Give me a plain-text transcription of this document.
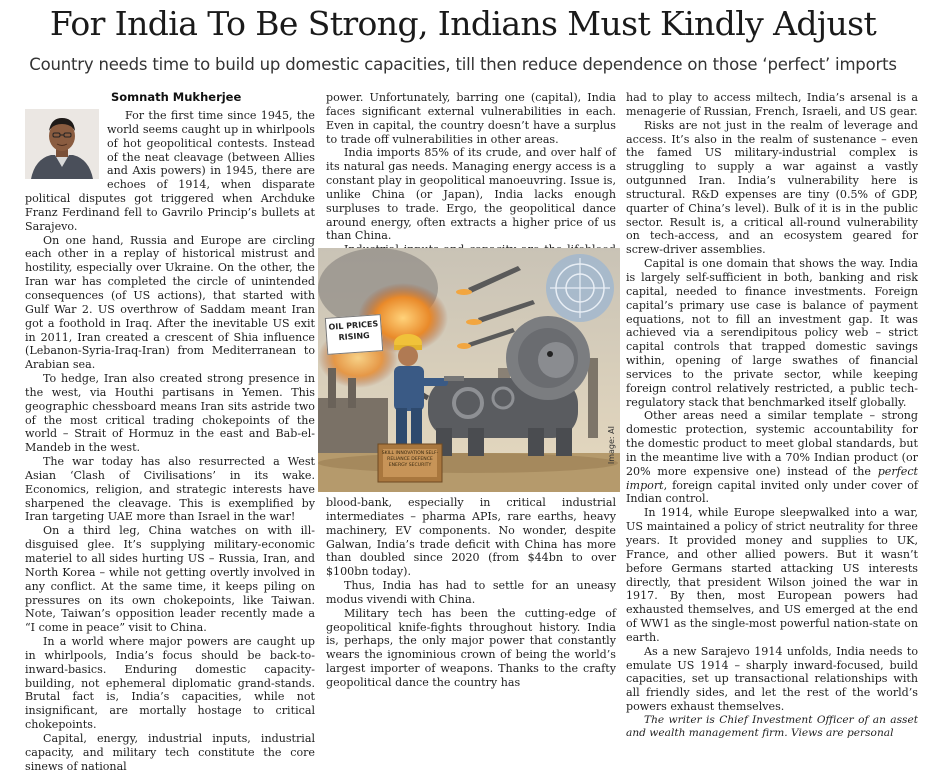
For India To Be Strong, Indians Must Kindly Adjust
Country needs time to build up domestic capacities, till then reduce dependence on those ‘perfect’ imports
Somnath Mukherjee

For the first time since 1945, the world seems caught up in whirlpools of hot geopolitical contests. Instead of the neat cleavage (between Allies and Axis powers) in 1945, there are echoes of 1914, when disparate political disputes got triggered when Archduke Franz Ferdinand fell to Gavrilo Princip’s bullets at Sarajevo.

On one hand, Russia and Europe are circling each other in a replay of historical mistrust and hostility, especially over Ukraine. On the other, the Iran war has completed the circle of unintended consequences (of US actions), that started with Gulf War 2. US overthrow of Saddam meant Iran got a foothold in Iraq. After the inevitable US exit in 2011, Iran created a crescent of Shia influence (Lebanon-Syria-Iraq-Iran) from Mediterranean to Arabian sea.

To hedge, Iran also created strong presence in the west, via Houthi partisans in Yemen. This geographic chessboard means Iran sits astride two of the most critical trading chokepoints of the world – Strait of Hormuz in the east and Bab-el-Mandeb in the west.

The war today has also resurrected a West Asian ‘Clash of Civilisations’ in its wake. Economics, religion, and strategic interests have sharpened the cleavage. This is exemplified by Iran targeting UAE more than Israel in the war!

On a third leg, China watches on with ill-disguised glee. It’s supplying military-economic materiel to all sides hurting US – Russia, Iran, and North Korea – while not getting overtly involved in any conflict. At the same time, it keeps piling on pressures on its own chokepoints, like Taiwan. Note, Taiwan’s opposition leader recently made a “I come in peace” visit to China.

In a world where major powers are caught up in whirlpools, India’s focus should be back-to-inward-basics. Enduring domestic capacity-building, not ephemeral diplomatic grand-stands. Brutal fact is, India’s capacities, while not insignificant, are mortally hostage to critical chokepoints.

Capital, energy, industrial inputs, industrial capacity, and military tech constitute the core sinews of national

power. Unfortunately, barring one (capital), India faces significant external vulnerabilities in each. Even in capital, the country doesn’t have a surplus to trade off vulnerabilities in other areas.

India imports 85% of its crude, and over half of its natural gas needs. Managing energy access is a constant play in geopolitical manoeuvring. Issue is, unlike China (or Japan), India lacks enough surpluses to trade. Ergo, the geopolitical dance around energy, often extracts a higher price of us than China.

OIL PRICES RISING
SKILL INNOVATION SELF-RELIANCE DEFENCE ENERGY SECURITY
Image: AI

blood-bank, especially in critical industrial intermediates – pharma APIs, rare earths, heavy machinery, EV components. No wonder, despite Galwan, India’s trade deficit with China has more than doubled since 2020 (from $44bn to over $100bn today).

Thus, India has had to settle for an uneasy modus vivendi with China.

Military tech has been the cutting-edge of geopolitical knife-fights throughout history. India is, perhaps, the only major power that constantly wears the ignominious crown of being the world’s largest importer of weapons. Thanks to the crafty geopolitical dance the country has

had to play to access miltech, India’s arsenal is a menagerie of Russian, French, Israeli, and US gear.

Risks are not just in the realm of leverage and access. It’s also in the realm of sustenance – even the famed US military-industrial complex is struggling to supply a war against a vastly outgunned Iran. India’s vulnerability here is structural. R&D expenses are tiny (0.5% of GDP, quarter of China’s level). Bulk of it is in the public sector. Result is, a critical all-round vulnerability on tech-access, and an ecosystem geared for screw-driver assemblies.

Capital is one domain that shows the way. India is largely self-sufficient in both, banking and risk capital, needed to finance investments. Foreign capital’s primary use case is balance of payment equations, not to fill an investment gap. It was achieved via a serendipitous policy web – strict capital controls that trapped domestic savings within, opening of large swathes of financial services to the private sector, while keeping foreign control relatively restricted, a public tech-regulatory stack that benchmarked itself globally.

Other areas need a similar template – strong domestic protection, systemic accountability for the domestic product to meet global standards, but in the meantime live with a 70% Indian product (or 20% more expensive one) instead of the perfect import, foreign capital invited only under cover of Indian control.

In 1914, while Europe sleepwalked into a war, US maintained a policy of strict neutrality for three years. It provided money and supplies to UK, France, and other allied powers. But it wasn’t before Germans started attacking US interests directly, that president Wilson joined the war in 1917. By then, most European powers had exhausted themselves, and US emerged at the end of WW1 as the single-most powerful nation-state on earth.

As a new Sarajevo 1914 unfolds, India needs to emulate US 1914 – sharply inward-focused, build capacities, set up transactional relationships with all friendly sides, and let the rest of the world’s powers exhaust themselves.

The writer is Chief Investment Officer of an asset and wealth management firm. Views are personal
